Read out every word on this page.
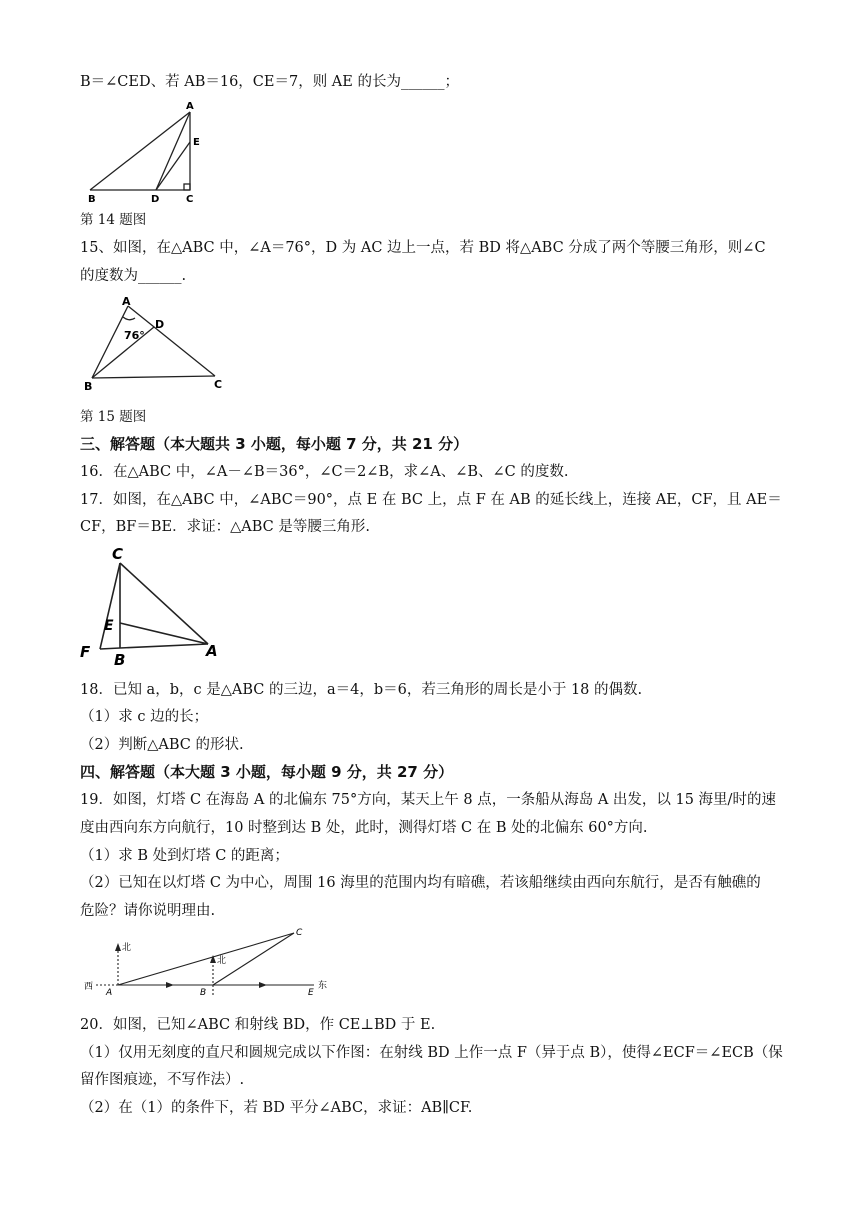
B＝∠CED、若 AB＝16，CE＝7，则 AE 的长为______；
A
E
B	D	C
第 14 题图
15、如图，在△ABC 中，∠A＝76°，D 为 AC 边上一点，若 BD 将△ABC 分成了两个等腰三角形，则∠C
的度数为______.
A
D
76°
B	C
第 15 题图
三、解答题（本大题共 3 小题，每小题 7 分，共 21 分）
16．在△ABC 中，∠A－∠B＝36°，∠C＝2∠B，求∠A、∠B、∠C 的度数.
17．如图，在△ABC 中，∠ABC＝90°，点 E 在 BC 上，点 F 在 AB 的延长线上，连接 AE，CF，且 AE＝
CF，BF＝BE．求证：△ABC 是等腰三角形.
C
E
F B	A
18．已知 a，b，c 是△ABC 的三边，a＝4，b＝6，若三角形的周长是小于 18 的偶数.
（1）求 c 边的长；
（2）判断△ABC 的形状.
四、解答题（本大题 3 小题，每小题 9 分，共 27 分）
19．如图，灯塔 C 在海岛 A 的北偏东 75°方向，某天上午 8 点，一条船从海岛 A 出发，以 15 海里/时的速
度由西向东方向航行，10 时整到达 B 处，此时，测得灯塔 C 在 B 处的北偏东 60°方向.
（1）求 B 处到灯塔 C 的距离；
（2）已知在以灯塔 C 为中心，周围 16 海里的范围内均有暗礁，若该船继续由西向东航行，是否有触礁的
危险？请你说明理由.
西
北
北
A	B
C
E
东
20．如图，已知∠ABC 和射线 BD，作 CE⊥BD 于 E.
（1）仅用无刻度的直尺和圆规完成以下作图：在射线 BD 上作一点 F（异于点 B），使得∠ECF＝∠ECB（保
留作图痕迹，不写作法）.
（2）在（1）的条件下，若 BD 平分∠ABC，求证：AB∥CF.
